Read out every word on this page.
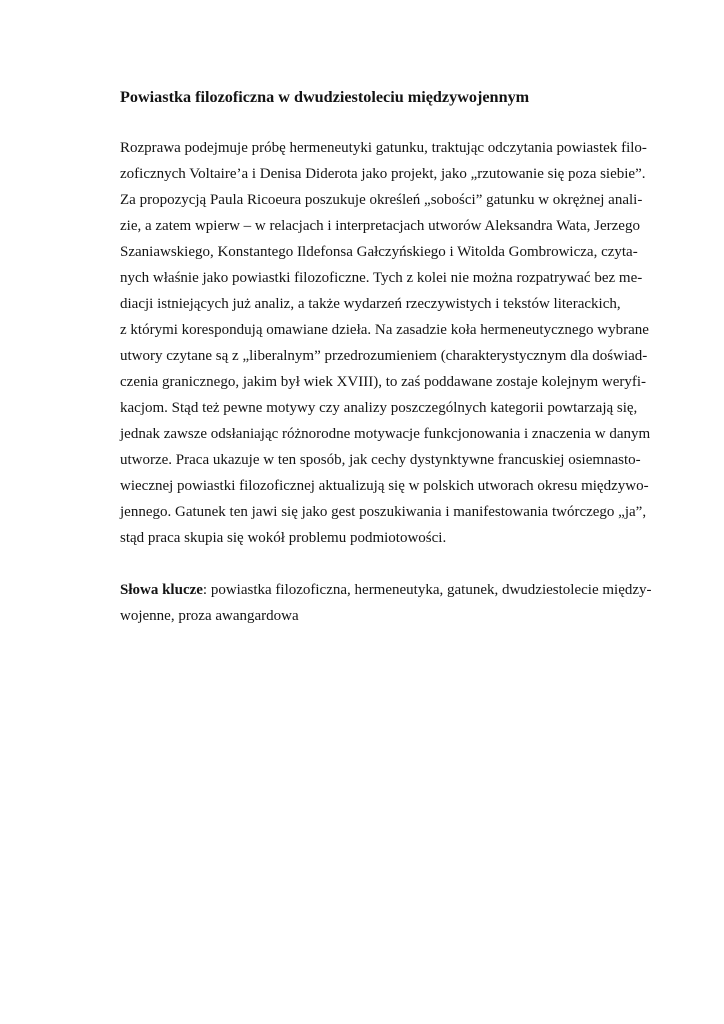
Powiastka filozoficzna w dwudziestoleciu międzywojennym
Rozprawa podejmuje próbę hermeneutyki gatunku, traktując odczytania powiastek filo-
zoficznych Voltaire’a i Denisa Diderota jako projekt, jako „rzutowanie się poza siebie”.
Za propozycją Paula Ricoeura poszukuje określeń „sobości” gatunku w okrężnej anali-
zie, a zatem wpierw – w relacjach i interpretacjach utworów Aleksandra Wata, Jerzego
Szaniawskiego, Konstantego Ildefonsa Gałczyńskiego i Witolda Gombrowicza, czyta-
nych właśnie jako powiastki filozoficzne. Tych z kolei nie można rozpatrywać bez me-
diacji istniejących już analiz, a także wydarzeń rzeczywistych i tekstów literackich,
z którymi korespondują omawiane dzieła. Na zasadzie koła hermeneutycznego wybrane
utwory czytane są z „liberalnym” przedrozumieniem (charakterystycznym dla doświad-
czenia granicznego, jakim był wiek XVIII), to zaś poddawane zostaje kolejnym weryfi-
kacjom. Stąd też pewne motywy czy analizy poszczególnych kategorii powtarzają się,
jednak zawsze odsłaniając różnorodne motywacje funkcjonowania i znaczenia w danym
utworze. Praca ukazuje w ten sposób, jak cechy dystynktywne francuskiej osiemnasto-
wiecznej powiastki filozoficznej aktualizują się w polskich utworach okresu międzywo-
jennego. Gatunek ten jawi się jako gest poszukiwania i manifestowania twórczego „ja”,
stąd praca skupia się wokół problemu podmiotowości.
Słowa klucze: powiastka filozoficzna, hermeneutyka, gatunek, dwudziestolecie między-
wojenne, proza awangardowa
